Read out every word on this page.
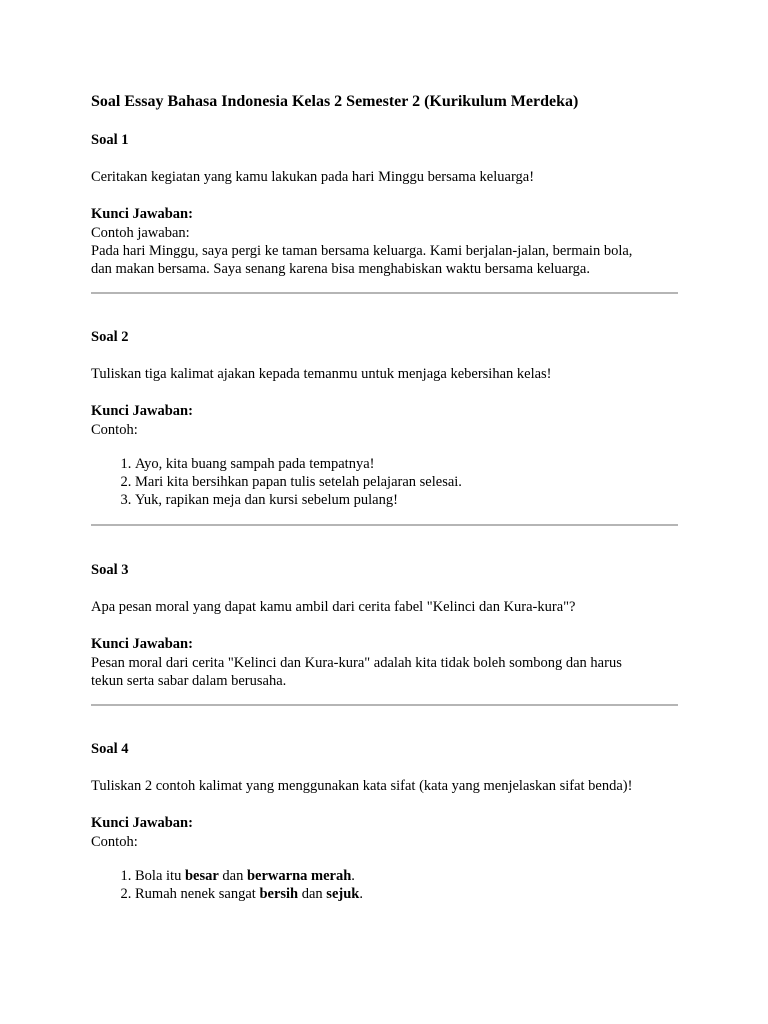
Soal Essay Bahasa Indonesia Kelas 2 Semester 2 (Kurikulum Merdeka)

Soal 1

Ceritakan kegiatan yang kamu lakukan pada hari Minggu bersama keluarga!

Kunci Jawaban:

Contoh jawaban:

Pada hari Minggu, saya pergi ke taman bersama keluarga. Kami berjalan-jalan, bermain bola,

dan makan bersama. Saya senang karena bisa menghabiskan waktu bersama keluarga.

Soal 2

Tuliskan tiga kalimat ajakan kepada temanmu untuk menjaga kebersihan kelas!

Kunci Jawaban:

Contoh:

1. Ayo, kita buang sampah pada tempatnya!
2. Mari kita bersihkan papan tulis setelah pelajaran selesai.
3. Yuk, rapikan meja dan kursi sebelum pulang!

Soal 3

Apa pesan moral yang dapat kamu ambil dari cerita fabel "Kelinci dan Kura-kura"?

Kunci Jawaban:

Pesan moral dari cerita "Kelinci dan Kura-kura" adalah kita tidak boleh sombong dan harus

tekun serta sabar dalam berusaha.

Soal 4

Tuliskan 2 contoh kalimat yang menggunakan kata sifat (kata yang menjelaskan sifat benda)!

Kunci Jawaban:

Contoh:

1. Bola itu besar dan berwarna merah.
2. Rumah nenek sangat bersih dan sejuk.
